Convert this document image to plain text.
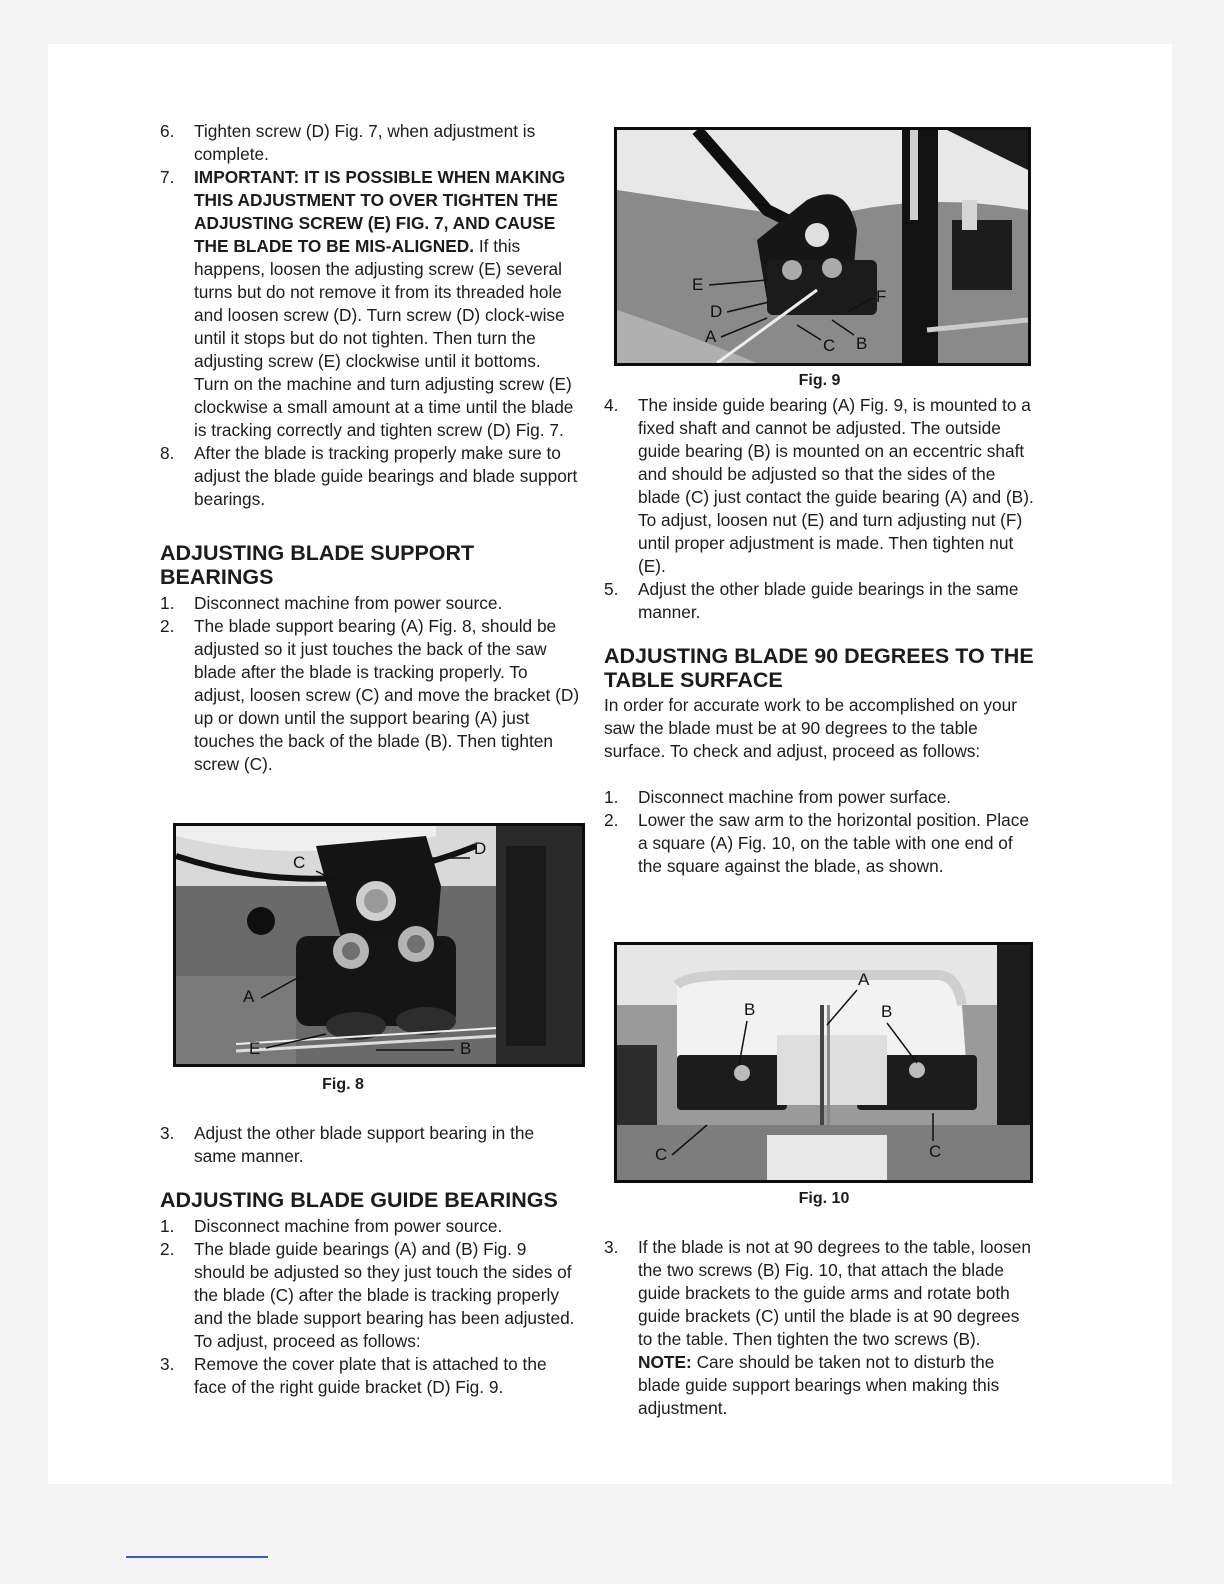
6. Tighten screw (D) Fig. 7, when adjustment is complete.
7. IMPORTANT: IT IS POSSIBLE WHEN MAKING THIS ADJUSTMENT TO OVER TIGHTEN THE ADJUSTING SCREW (E) FIG. 7, AND CAUSE THE BLADE TO BE MIS-ALIGNED. If this happens, loosen the adjusting screw (E) several turns but do not remove it from its threaded hole and loosen screw (D). Turn screw (D) clock-wise until it stops but do not tighten. Then turn the adjusting screw (E) clockwise until it bottoms. Turn on the machine and turn adjusting screw (E) clockwise a small amount at a time until the blade is tracking correctly and tighten screw (D) Fig. 7.
8. After the blade is tracking properly make sure to adjust the blade guide bearings and blade support bearings.
ADJUSTING BLADE SUPPORT BEARINGS
1. Disconnect machine from power source.
2. The blade support bearing (A) Fig. 8, should be adjusted so it just touches the back of the saw blade after the blade is tracking properly. To adjust, loosen screw (C) and move the bracket (D) up or down until the support bearing (A) just touches the back of the blade (B). Then tighten screw (C).
C
D
A
E	B
Fig. 8
3. Adjust the other blade support bearing in the same manner.
ADJUSTING BLADE GUIDE BEARINGS
1. Disconnect machine from power source.
2. The blade guide bearings (A) and (B) Fig. 9 should be adjusted so they just touch the sides of the blade (C) after the blade is tracking properly and the blade support bearing has been adjusted. To adjust, proceed as follows:
3. Remove the cover plate that is attached to the face of the right guide bracket (D) Fig. 9.
E
D
A	C B
F
Fig. 9
4. The inside guide bearing (A) Fig. 9, is mounted to a fixed shaft and cannot be adjusted. The outside guide bearing (B) is mounted on an eccentric shaft and should be adjusted so that the sides of the blade (C) just contact the guide bearing (A) and (B). To adjust, loosen nut (E) and turn adjusting nut (F) until proper adjustment is made. Then tighten nut (E).
5. Adjust the other blade guide bearings in the same manner.
ADJUSTING BLADE 90 DEGREES TO THE TABLE SURFACE

In order for accurate work to be accomplished on your saw the blade must be at 90 degrees to the table surface. To check and adjust, proceed as follows:

1. Disconnect machine from power surface.
2. Lower the saw arm to the horizontal position. Place a square (A) Fig. 10, on the table with one end of the square against the blade, as shown.
A
B	B
C	C
Fig. 10
3. If the blade is not at 90 degrees to the table, loosen the two screws (B) Fig. 10, that attach the blade guide brackets to the guide arms and rotate both guide brackets (C) until the blade is at 90 degrees to the table. Then tighten the two screws (B). NOTE: Care should be taken not to disturb the blade guide support bearings when making this adjustment.
